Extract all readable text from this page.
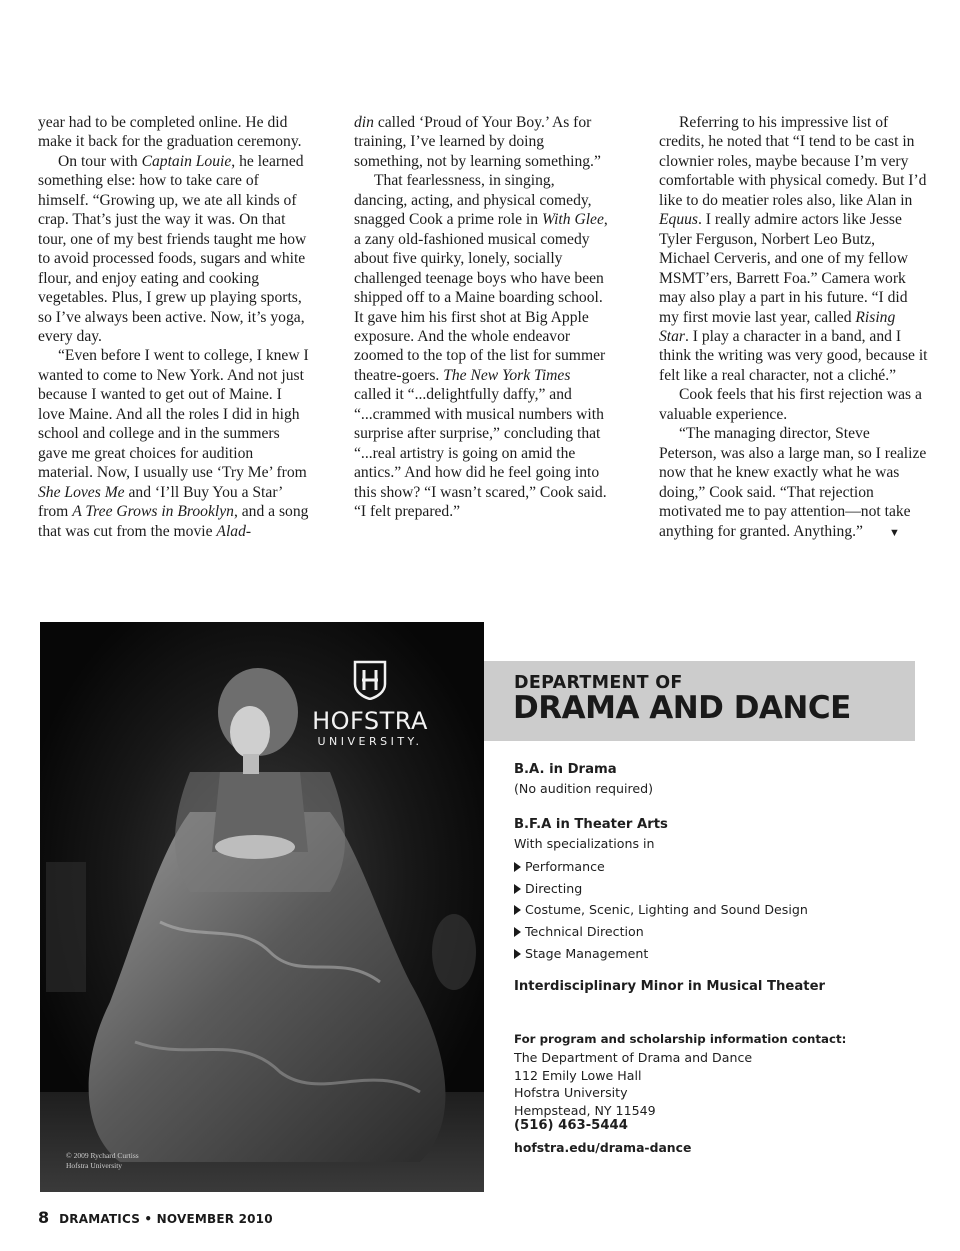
year had to be completed online. He did make it back for the graduation ceremony.

On tour with Captain Louie, he learned something else: how to take care of himself. “Growing up, we ate all kinds of crap. That’s just the way it was. On that tour, one of my best friends taught me how to avoid processed foods, sugars and white flour, and enjoy eating and cooking vegetables. Plus, I grew up playing sports, so I’ve always been active. Now, it’s yoga, every day.

“Even before I went to college, I knew I wanted to come to New York. And not just because I wanted to get out of Maine. I love Maine. And all the roles I did in high school and college and in the summers gave me great choices for audition material. Now, I usually use ‘Try Me’ from She Loves Me and ‘I’ll Buy You a Star’ from A Tree Grows in Brooklyn, and a song that was cut from the movie Alad-

din called ‘Proud of Your Boy.’ As for training, I’ve learned by doing something, not by learning something.”

That fearlessness, in singing, dancing, acting, and physical comedy, snagged Cook a prime role in With Glee, a zany old-fashioned musical comedy about five quirky, lonely, socially challenged teenage boys who have been shipped off to a Maine boarding school. It gave him his first shot at Big Apple exposure. And the whole endeavor zoomed to the top of the list for summer theatre-goers. The New York Times called it “...delightfully daffy,” and “...crammed with musical numbers with surprise after surprise,” concluding that “...real artistry is going on amid the antics.” And how did he feel going into this show? “I wasn’t scared,” Cook said. “I felt prepared.”

Referring to his impressive list of credits, he noted that “I tend to be cast in clownier roles, maybe because I’m very comfortable with physical comedy. But I’d like to do meatier roles also, like Alan in Equus. I really admire actors like Jesse Tyler Ferguson, Norbert Leo Butz, Michael Cerveris, and one of my fellow MSMT’ers, Barrett Foa.” Camera work may also play a part in his future. “I did my first movie last year, called Rising Star. I play a character in a band, and I think the writing was very good, because it felt like a real character, not a cliché.”

Cook feels that his first rejection was a valuable experience.

“The managing director, Steve Peterson, was also a large man, so I realize now that he knew exactly what he was doing,” Cook said. “That rejection motivated me to pay attention—not take anything for granted. Anything.” ▼

HOFSTRA
UNIVERSITY.
© 2009 Rychard Curtiss
Hofstra University
DEPARTMENT OF
DRAMA AND DANCE
B.A. in Drama
(No audition required)
B.F.A in Theater Arts
With specializations in
Performance
Directing
Costume, Scenic, Lighting and Sound Design
Technical Direction
Stage Management
Interdisciplinary Minor in Musical Theater
For program and scholarship information contact:
The Department of Drama and Dance
112 Emily Lowe Hall
Hofstra University
Hempstead, NY 11549
(516) 463-5444
hofstra.edu/drama-dance
8 DRAMATICS • NOVEMBER 2010
